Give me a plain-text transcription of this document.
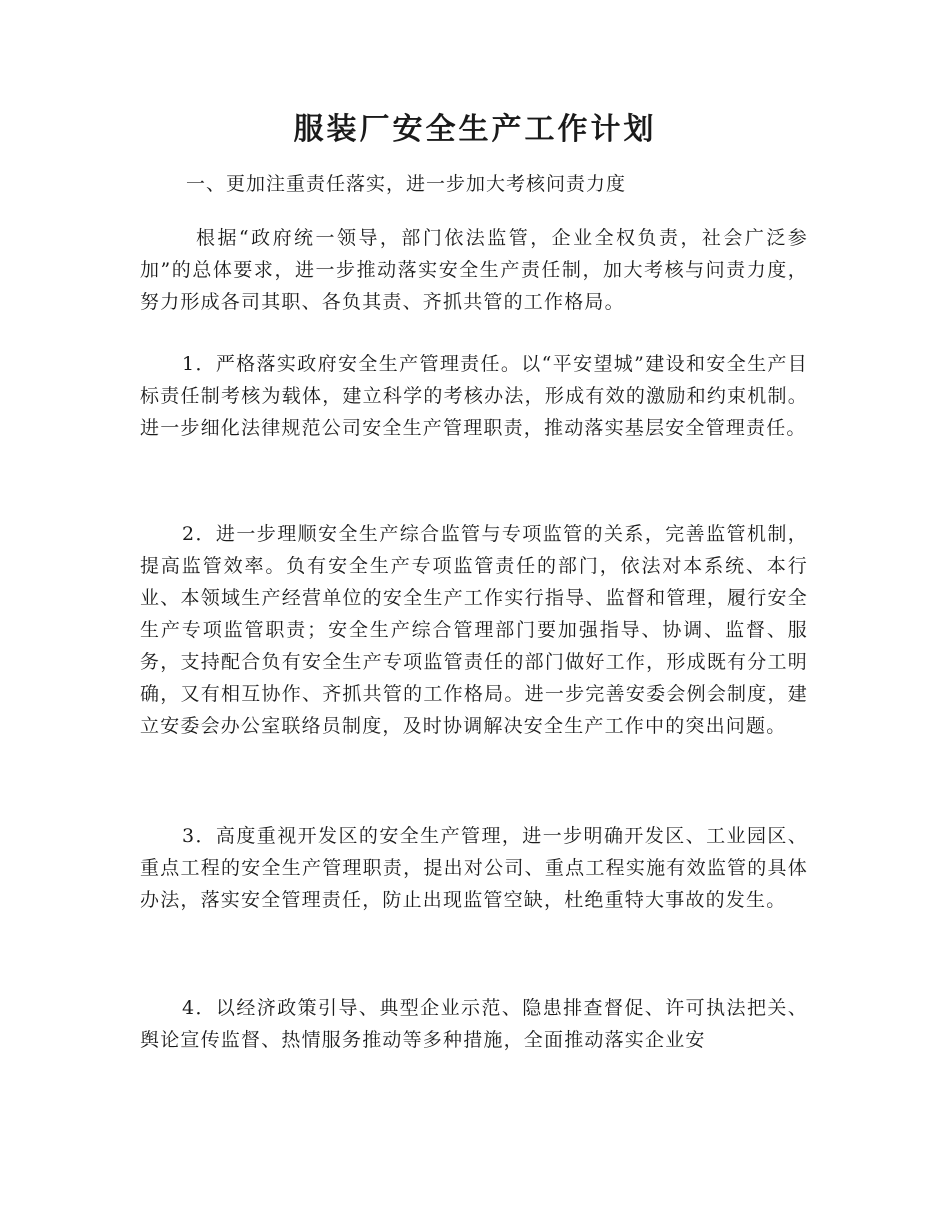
服装厂安全生产工作计划
一、更加注重责任落实，进一步加大考核问责力度

根据“政府统一领导，部门依法监管，企业全权负责，社会广泛参加”的总体要求，进一步推动落实安全生产责任制，加大考核与问责力度，努力形成各司其职、各负其责、齐抓共管的工作格局。

1．严格落实政府安全生产管理责任。以“平安望城”建设和安全生产目标责任制考核为载体，建立科学的考核办法，形成有效的激励和约束机制。进一步细化法律规范公司安全生产管理职责，推动落实基层安全管理责任。

2．进一步理顺安全生产综合监管与专项监管的关系，完善监管机制，提高监管效率。负有安全生产专项监管责任的部门，依法对本系统、本行业、本领域生产经营单位的安全生产工作实行指导、监督和管理，履行安全生产专项监管职责；安全生产综合管理部门要加强指导、协调、监督、服务，支持配合负有安全生产专项监管责任的部门做好工作，形成既有分工明确，又有相互协作、齐抓共管的工作格局。进一步完善安委会例会制度，建立安委会办公室联络员制度，及时协调解决安全生产工作中的突出问题。

3．高度重视开发区的安全生产管理，进一步明确开发区、工业园区、重点工程的安全生产管理职责，提出对公司、重点工程实施有效监管的具体办法，落实安全管理责任，防止出现监管空缺，杜绝重特大事故的发生。

4．以经济政策引导、典型企业示范、隐患排查督促、许可执法把关、舆论宣传监督、热情服务推动等多种措施，全面推动落实企业安
